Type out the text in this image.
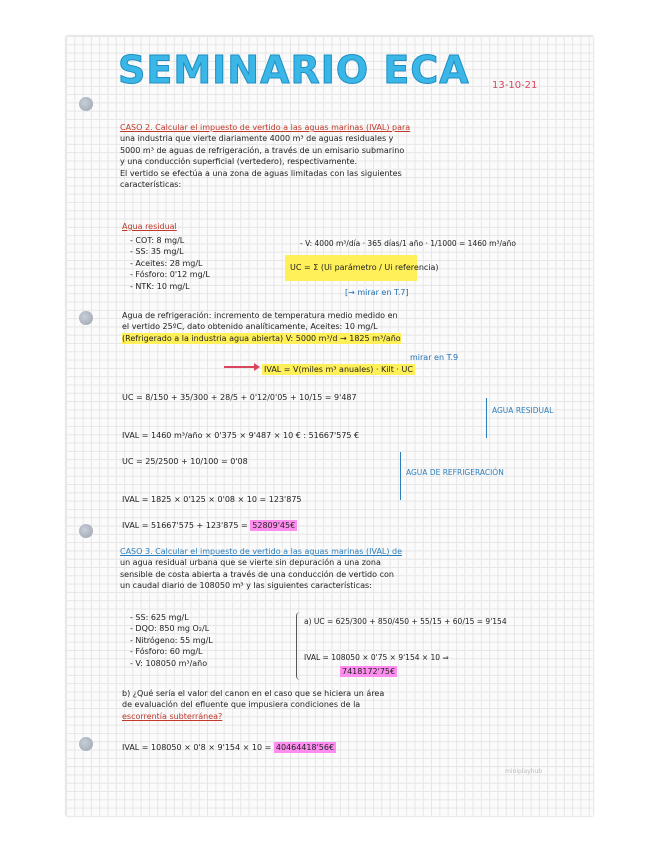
SEMINARIO ECA 13-10-21
CASO 2. Calcular el impuesto de vertido a las aguas marinas (IVAL) para
una industria que vierte diariamente 4000 m³ de aguas residuales y
5000 m³ de aguas de refrigeración, a través de un emisario submarino
y una conducción superficial (vertedero), respectivamente.
El vertido se efectúa a una zona de aguas limitadas con las siguientes
características:
Agua residual
- COT: 8 mg/L
- SS: 35 mg/L
- Aceites: 28 mg/L
- Fósforo: 0'12 mg/L
- NTK: 10 mg/L
- V: 4000 m³/día · 365 días/1 año · 1/1000 = 1460 m³/año
UC = Σ (Ui parámetro / Ui referencia)
[→ mirar en T.7]
Agua de refrigeración: incremento de temperatura medio medido en
el vertido 25ºC, dato obtenido analíticamente, Aceites: 10 mg/L
(Refrigerado a la industria agua abierta) V: 5000 m³/d → 1825 m³/año
mirar en T.9
IVAL = V(miles m³ anuales) · Kilt · UC
UC = 8/150 + 35/300 + 28/5 + 0'12/0'05 + 10/15 = 9'487
IVAL = 1460 m³/año × 0'375 × 9'487 × 10 € : 51667'575 €
AGUA RESIDUAL
UC = 25/2500 + 10/100 = 0'08
AGUA DE REFRIGERACIÓN
IVAL = 1825 × 0'125 × 0'08 × 10 = 123'875
IVAL = 51667'575 + 123'875 = 52809'45€
CASO 3. Calcular el impuesto de vertido a las aguas marinas (IVAL) de
un agua residual urbana que se vierte sin depuración a una zona
sensible de costa abierta a través de una conducción de vertido con
un caudal diario de 108050 m³ y las siguientes características:
- SS: 625 mg/L
- DQO: 850 mg O₂/L
- Nitrógeno: 55 mg/L
- Fósforo: 60 mg/L
- V: 108050 m³/año
a) UC = 625/300 + 850/450 + 55/15 + 60/15 = 9'154
IVAL = 108050 × 0'75 × 9'154 × 10 ⇒
7418172'75€
b) ¿Qué sería el valor del canon en el caso que se hiciera un área
de evaluación del efluente que impusiera condiciones de la
escorrentía subterránea?
IVAL = 108050 × 0'8 × 9'154 × 10 = 40464418'56€
miniplayhub
